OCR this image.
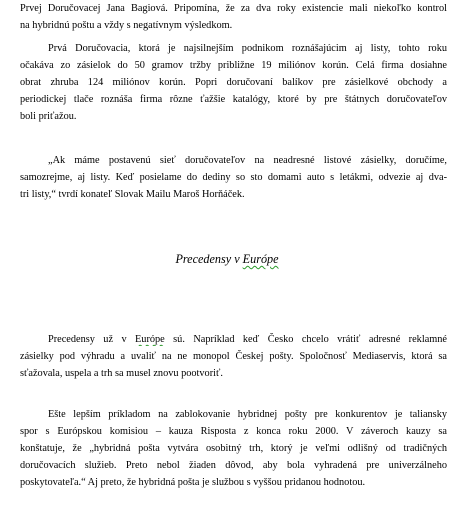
Prvej Doručovacej Jana Bagiová. Pripomína, že za dva roky existencie mali niekoľko kontrol
na hybridnú poštu a vždy s negatívnym výsledkom.
Prvá Doručovacia, ktorá je najsilnejším podnikom roznášajúcim aj listy, tohto roku
očakáva zo zásielok do 50 gramov tržby približne 19 miliónov korún. Celá firma dosiahne
obrat zhruba 124 miliónov korún. Popri doručovaní balíkov pre zásielkové obchody a
periodickej tlače roznáša firma rôzne ťažšie katalógy, ktoré by pre štátnych doručovateľov
boli priťažou.
„Ak máme postavenú sieť doručovateľov na neadresné listové zásielky, doručíme,
samozrejme, aj listy. Keď posielame do dediny so sto domami auto s letákmi, odvezie aj dva-
tri listy,“ tvrdí konateľ Slovak Mailu Maroš Horňáček.
Precedensy v Európe
Precedensy už v Európe sú. Napríklad keď Česko chcelo vrátiť adresné reklamné
zásielky pod výhradu a uvaliť na ne monopol Českej pošty. Spoločnosť Mediaservis, ktorá sa
sťažovala, uspela a trh sa musel znovu pootvoriť.
Ešte lepším príkladom na zablokovanie hybridnej pošty pre konkurentov je taliansky
spor s Európskou komisiou – kauza Risposta z konca roku 2000. V záveroch kauzy sa
konštatuje, že „hybridná pošta vytvára osobitný trh, ktorý je veľmi odlišný od tradičných
doručovacích služieb. Preto nebol žiaden dôvod, aby bola vyhradená pre univerzálneho
poskytovateľa.“ Aj preto, že hybridná pošta je službou s vyššou pridanou hodnotou.
